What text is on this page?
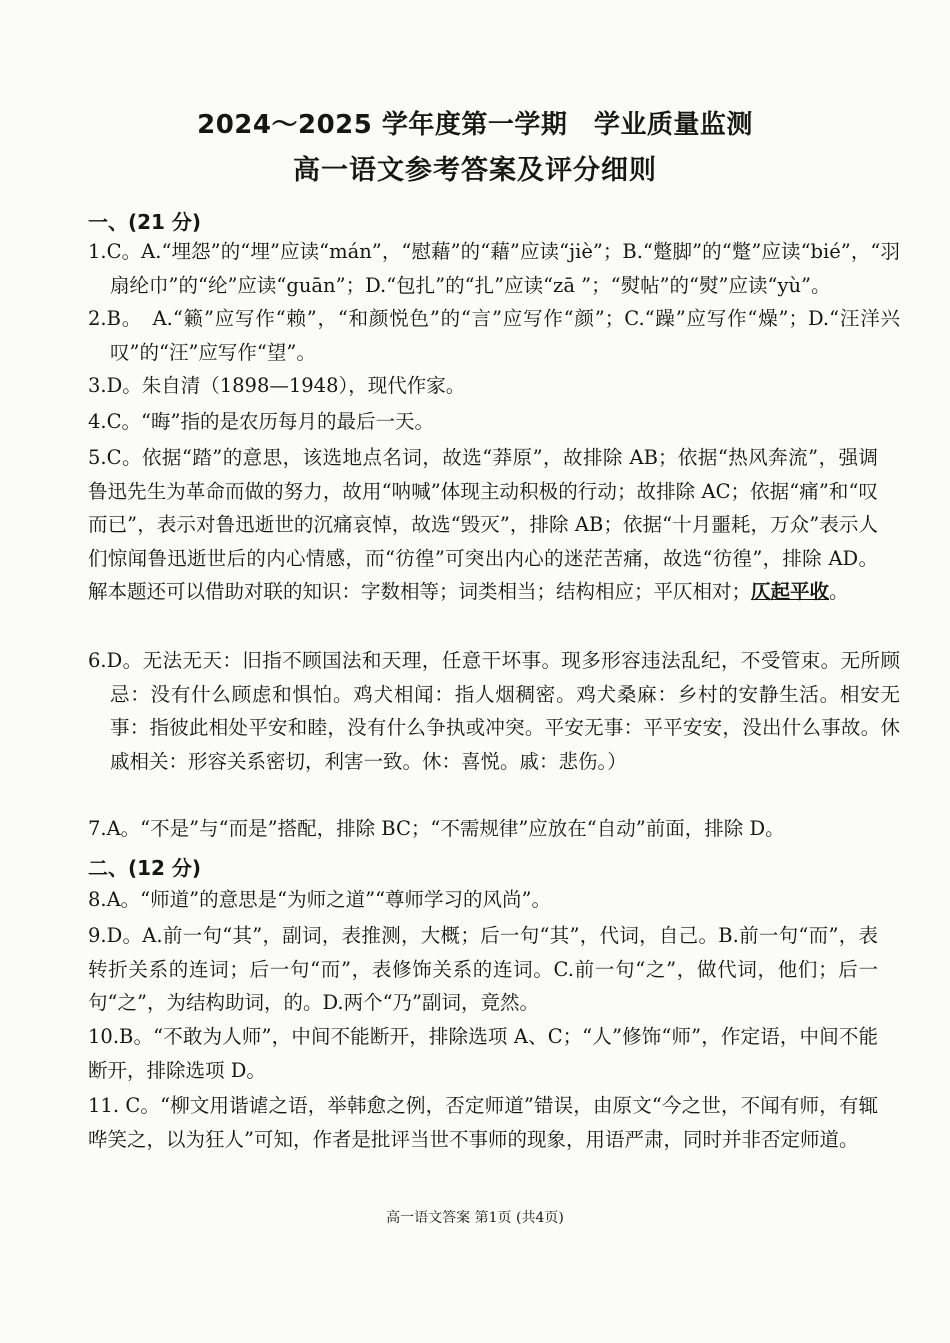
2024～2025 学年度第一学期　学业质量监测
高一语文参考答案及评分细则
一、(21 分)
1.C。A.“埋怨”的“埋”应读“mán”，“慰藉”的“藉”应读“jiè”；B.“蹩脚”的“蹩”应读“bié”，“羽扇纶巾”的“纶”应读“guān”；D.“包扎”的“扎”应读“zā ”；“熨帖”的“熨”应读“yù”。
2.B。　A.“籁”应写作“赖”，“和颜悦色”的“言”应写作“颜”；C.“躁”应写作“燥”；D.“汪洋兴叹”的“汪”应写作“望”。
3.D。朱自清（1898—1948），现代作家。
4.C。“晦”指的是农历每月的最后一天。
5.C。依据“踏”的意思，该选地点名词，故选“莽原”，故排除 AB；依据“热风奔流”，强调鲁迅先生为革命而做的努力，故用“呐喊”体现主动积极的行动；故排除 AC；依据“痛”和“叹而已”，表示对鲁迅逝世的沉痛哀悼，故选“毁灭”，排除 AB；依据“十月噩耗，万众”表示人们惊闻鲁迅逝世后的内心情感，而“彷徨”可突出内心的迷茫苦痛，故选“彷徨”，排除 AD。解本题还可以借助对联的知识：字数相等；词类相当；结构相应；平仄相对；仄起平收。
6.D。无法无天：旧指不顾国法和天理，任意干坏事。现多形容违法乱纪，不受管束。无所顾忌：没有什么顾虑和惧怕。鸡犬相闻：指人烟稠密。鸡犬桑麻：乡村的安静生活。相安无事：指彼此相处平安和睦，没有什么争执或冲突。平安无事：平平安安，没出什么事故。休戚相关：形容关系密切，利害一致。休：喜悦。戚：悲伤。）
7.A。“不是”与“而是”搭配，排除 BC；“不需规律”应放在“自动”前面，排除 D。
二、(12 分)
8.A。“师道”的意思是“为师之道”“尊师学习的风尚”。
9.D。A.前一句“其”，副词，表推测，大概；后一句“其”，代词，自己。B.前一句“而”，表转折关系的连词；后一句“而”，表修饰关系的连词。C.前一句“之”，做代词，他们；后一句“之”，为结构助词，的。D.两个“乃”副词，竟然。
10.B。“不敢为人师”，中间不能断开，排除选项 A、C；“人”修饰“师”，作定语，中间不能断开，排除选项 D。
11. C。“柳文用谐谑之语，举韩愈之例，否定师道”错误，由原文“今之世，不闻有师，有辄哗笑之，以为狂人”可知，作者是批评当世不事师的现象，用语严肃，同时并非否定师道。
高一语文答案 第1页 (共4页)
